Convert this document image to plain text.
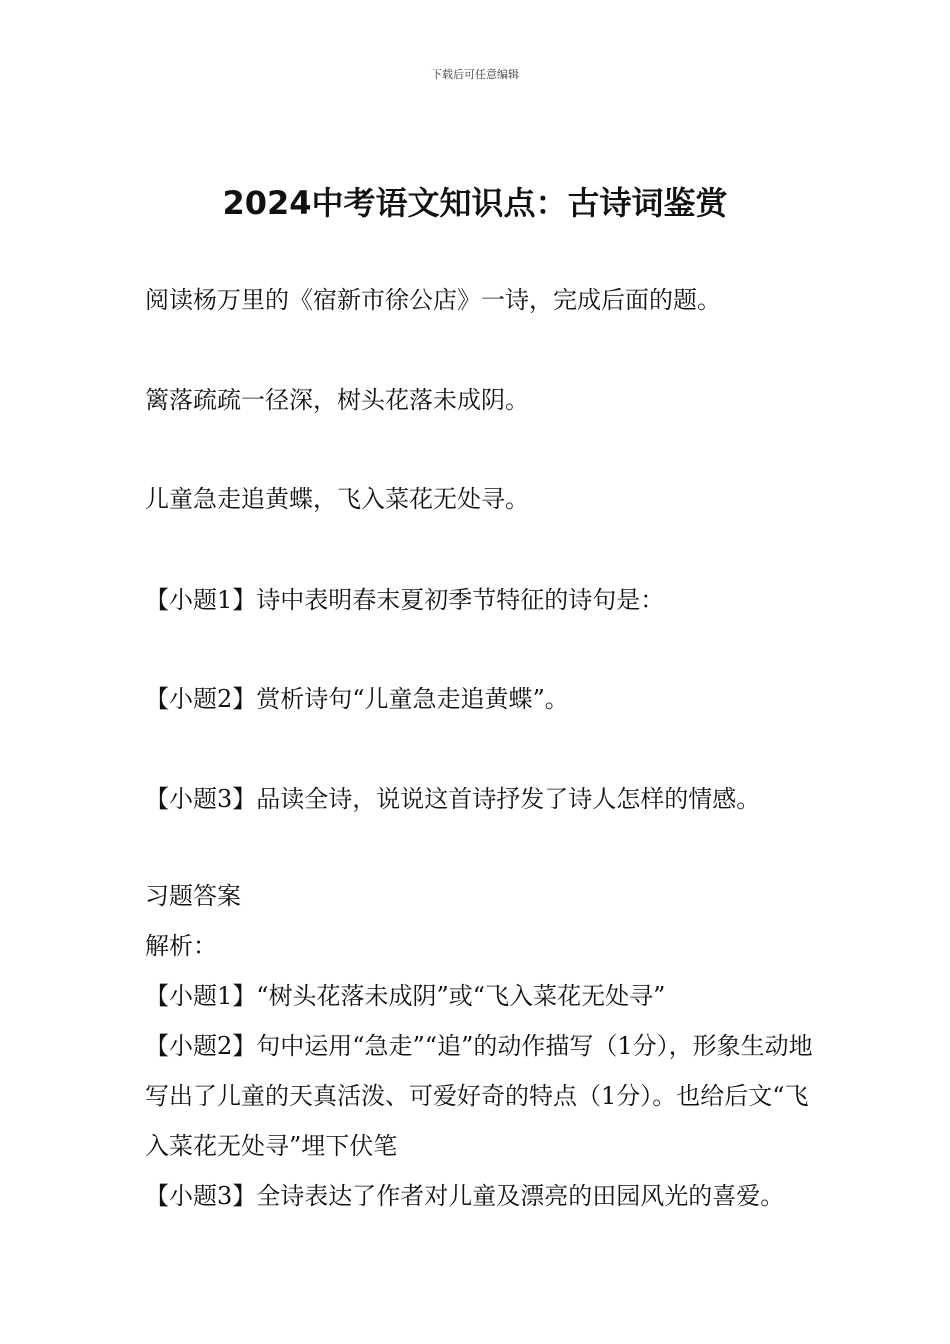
下载后可任意编辑
2024中考语文知识点：古诗词鉴赏
阅读杨万里的《宿新市徐公店》一诗，完成后面的题。
篱落疏疏一径深，树头花落未成阴。
儿童急走追黄蝶，飞入菜花无处寻。
【小题1】诗中表明春末夏初季节特征的诗句是：
【小题2】赏析诗句“儿童急走追黄蝶”。
【小题3】品读全诗，说说这首诗抒发了诗人怎样的情感。
习题答案
解析：
【小题1】“树头花落未成阴”或“飞入菜花无处寻”
【小题2】句中运用“急走”“追”的动作描写（1分），形象生动地写出了儿童的天真活泼、可爱好奇的特点（1分）。也给后文“飞入菜花无处寻”埋下伏笔
【小题3】全诗表达了作者对儿童及漂亮的田园风光的喜爱。
